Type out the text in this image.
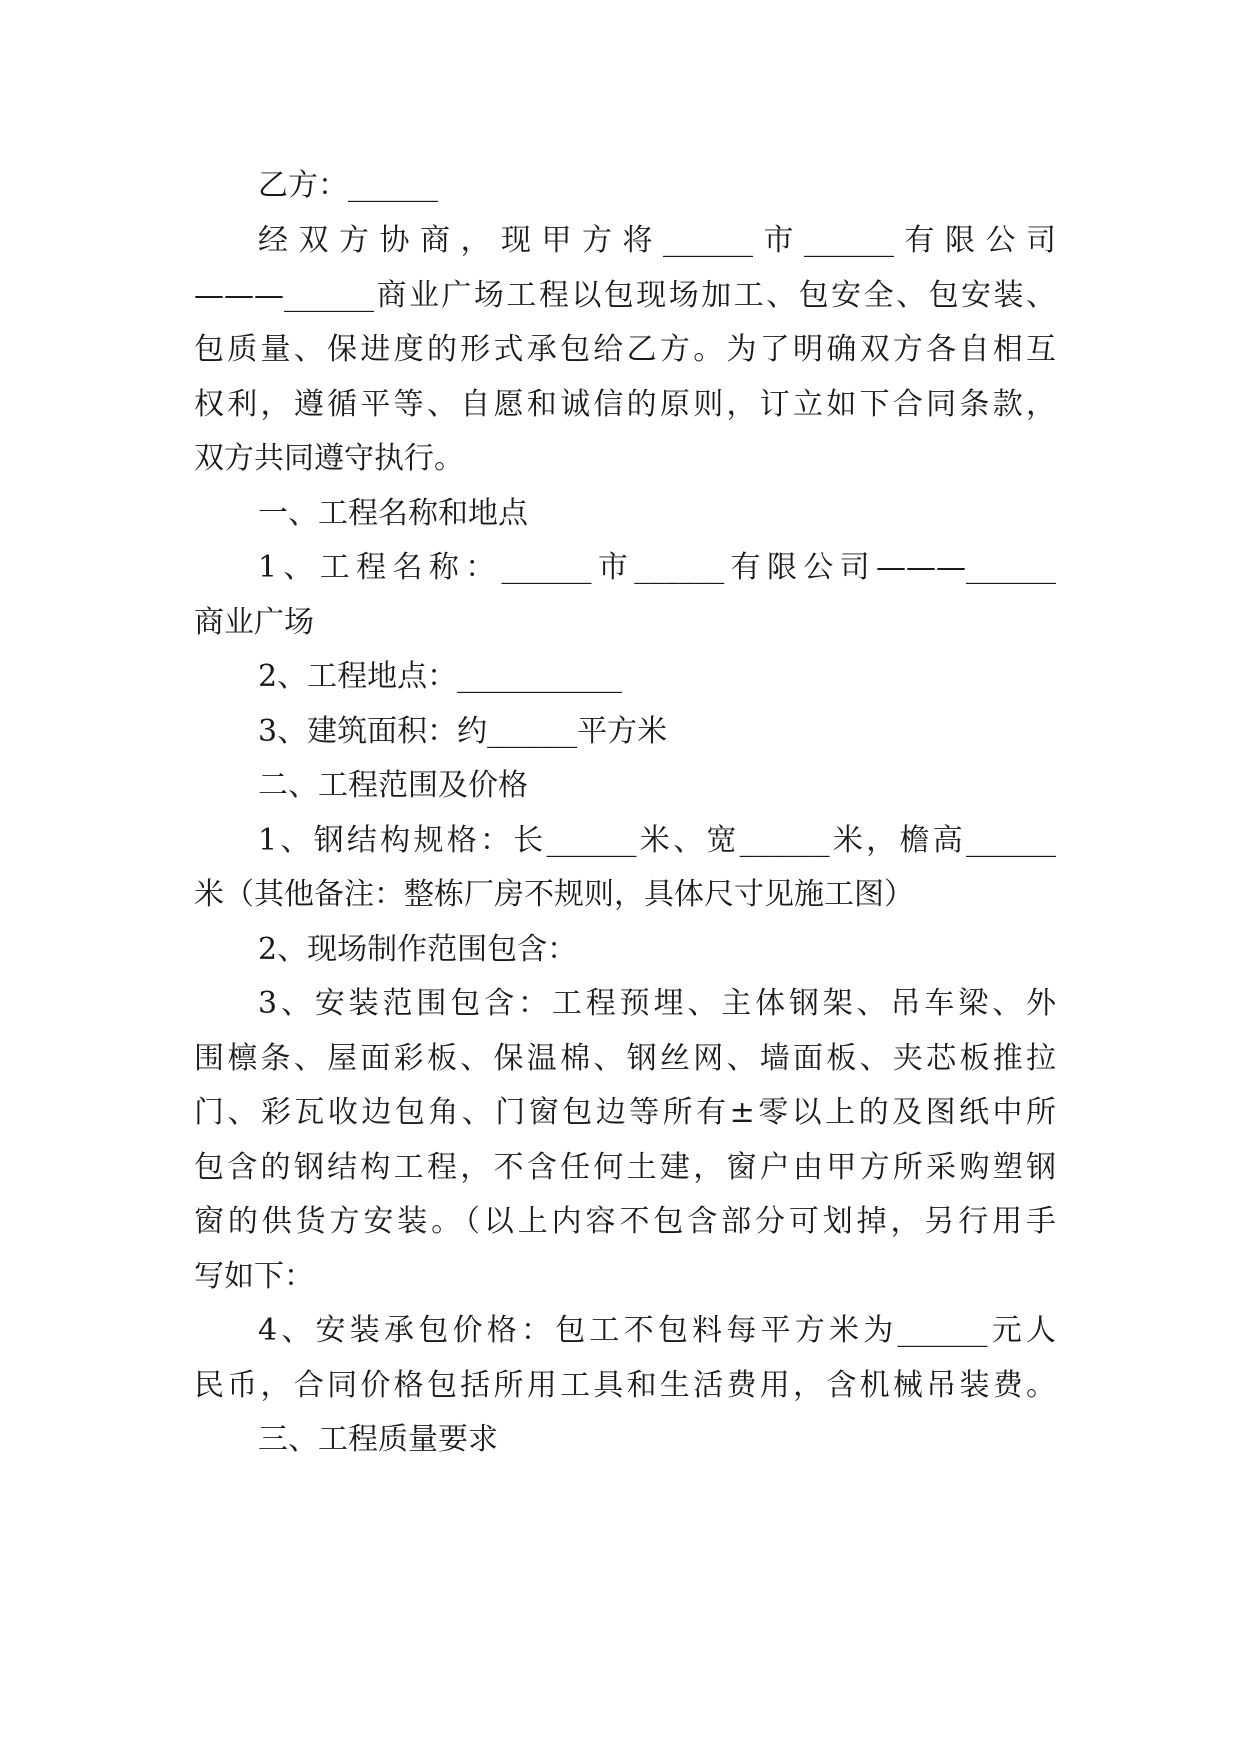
乙方：______

经双方协商，现甲方将______市______有限公司

———______商业广场工程以包现场加工、包安全、包安装、

包质量、保进度的形式承包给乙方。为了明确双方各自相互

权利，遵循平等、自愿和诚信的原则，订立如下合同条款，

双方共同遵守执行。

一、工程名称和地点

1、工程名称：______市______有限公司———______

商业广场

2、工程地点：___________

3、建筑面积：约______平方米

二、工程范围及价格

1、钢结构规格：长______米、宽______米，檐高______

米（其他备注：整栋厂房不规则，具体尺寸见施工图）

2、现场制作范围包含：

3、安装范围包含：工程预埋、主体钢架、吊车梁、外

围檩条、屋面彩板、保温棉、钢丝网、墙面板、夹芯板推拉

门、彩瓦收边包角、门窗包边等所有±零以上的及图纸中所

包含的钢结构工程，不含任何土建，窗户由甲方所采购塑钢

窗的供货方安装。（以上内容不包含部分可划掉，另行用手

写如下：

4、安装承包价格：包工不包料每平方米为______元人

民币，合同价格包括所用工具和生活费用，含机械吊装费。

三、工程质量要求
